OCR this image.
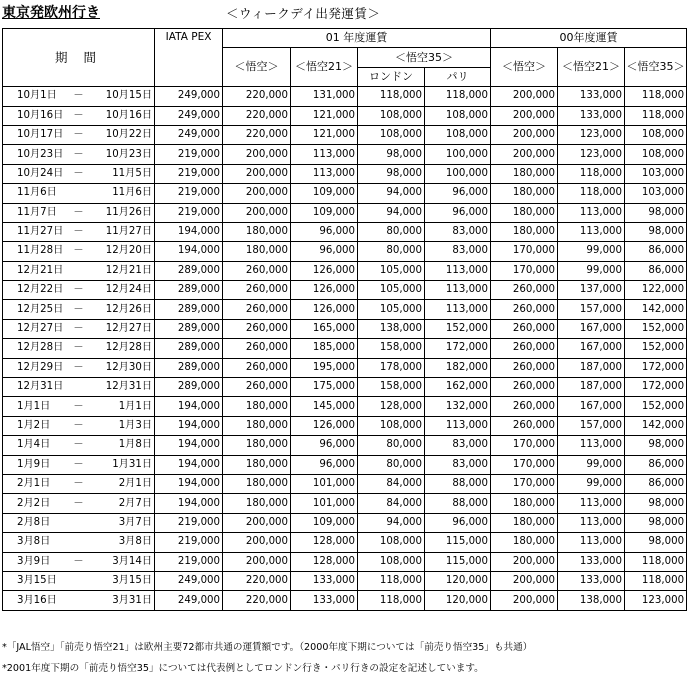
東京発欧州行き	＜ウィークデイ出発運賃＞
期 間			IATA PEX	01 年度運賃				00年度運賃		
				＜悟空＞	＜悟空21＞	＜悟空35＞		＜悟空＞	＜悟空21＞	＜悟空35＞
						ロンドン	パリ			
10月1日	－	10月15日	249,000	220,000	131,000	118,000	118,000	200,000	133,000	118,000
10月16日	－	10月16日	249,000	220,000	121,000	108,000	108,000	200,000	133,000	118,000
10月17日	－	10月22日	249,000	220,000	121,000	108,000	108,000	200,000	123,000	108,000
10月23日	－	10月23日	219,000	200,000	113,000	98,000	100,000	200,000	123,000	108,000
10月24日	－	11月5日	219,000	200,000	113,000	98,000	100,000	180,000	118,000	103,000
11月6日		11月6日	219,000	200,000	109,000	94,000	96,000	180,000	118,000	103,000
11月7日	－	11月26日	219,000	200,000	109,000	94,000	96,000	180,000	113,000	98,000
11月27日	－	11月27日	194,000	180,000	96,000	80,000	83,000	180,000	113,000	98,000
11月28日	－	12月20日	194,000	180,000	96,000	80,000	83,000	170,000	99,000	86,000
12月21日		12月21日	289,000	260,000	126,000	105,000	113,000	170,000	99,000	86,000
12月22日	－	12月24日	289,000	260,000	126,000	105,000	113,000	260,000	137,000	122,000
12月25日	－	12月26日	289,000	260,000	126,000	105,000	113,000	260,000	157,000	142,000
12月27日	－	12月27日	289,000	260,000	165,000	138,000	152,000	260,000	167,000	152,000
12月28日	－	12月28日	289,000	260,000	185,000	158,000	172,000	260,000	167,000	152,000
12月29日	－	12月30日	289,000	260,000	195,000	178,000	182,000	260,000	187,000	172,000
12月31日		12月31日	289,000	260,000	175,000	158,000	162,000	260,000	187,000	172,000
1月1日	－	1月1日	194,000	180,000	145,000	128,000	132,000	260,000	167,000	152,000
1月2日	－	1月3日	194,000	180,000	126,000	108,000	113,000	260,000	157,000	142,000
1月4日	－	1月8日	194,000	180,000	96,000	80,000	83,000	170,000	113,000	98,000
1月9日	－	1月31日	194,000	180,000	96,000	80,000	83,000	170,000	99,000	86,000
2月1日	－	2月1日	194,000	180,000	101,000	84,000	88,000	170,000	99,000	86,000
2月2日	－	2月7日	194,000	180,000	101,000	84,000	88,000	180,000	113,000	98,000
2月8日		3月7日	219,000	200,000	109,000	94,000	96,000	180,000	113,000	98,000
3月8日		3月8日	219,000	200,000	128,000	108,000	115,000	180,000	113,000	98,000
3月9日	－	3月14日	219,000	200,000	128,000	108,000	115,000	200,000	133,000	118,000
3月15日		3月15日	249,000	220,000	133,000	118,000	120,000	200,000	133,000	118,000
3月16日		3月31日	249,000	220,000	133,000	118,000	120,000	200,000	138,000	123,000
*「JAL悟空」「前売り悟空21」は欧州主要72都市共通の運賃額です。（2000年度下期については「前売り悟空35」も共通）
*2001年度下期の「前売り悟空35」については代表例としてロンドン行き・パリ行きの設定を記述しています。
